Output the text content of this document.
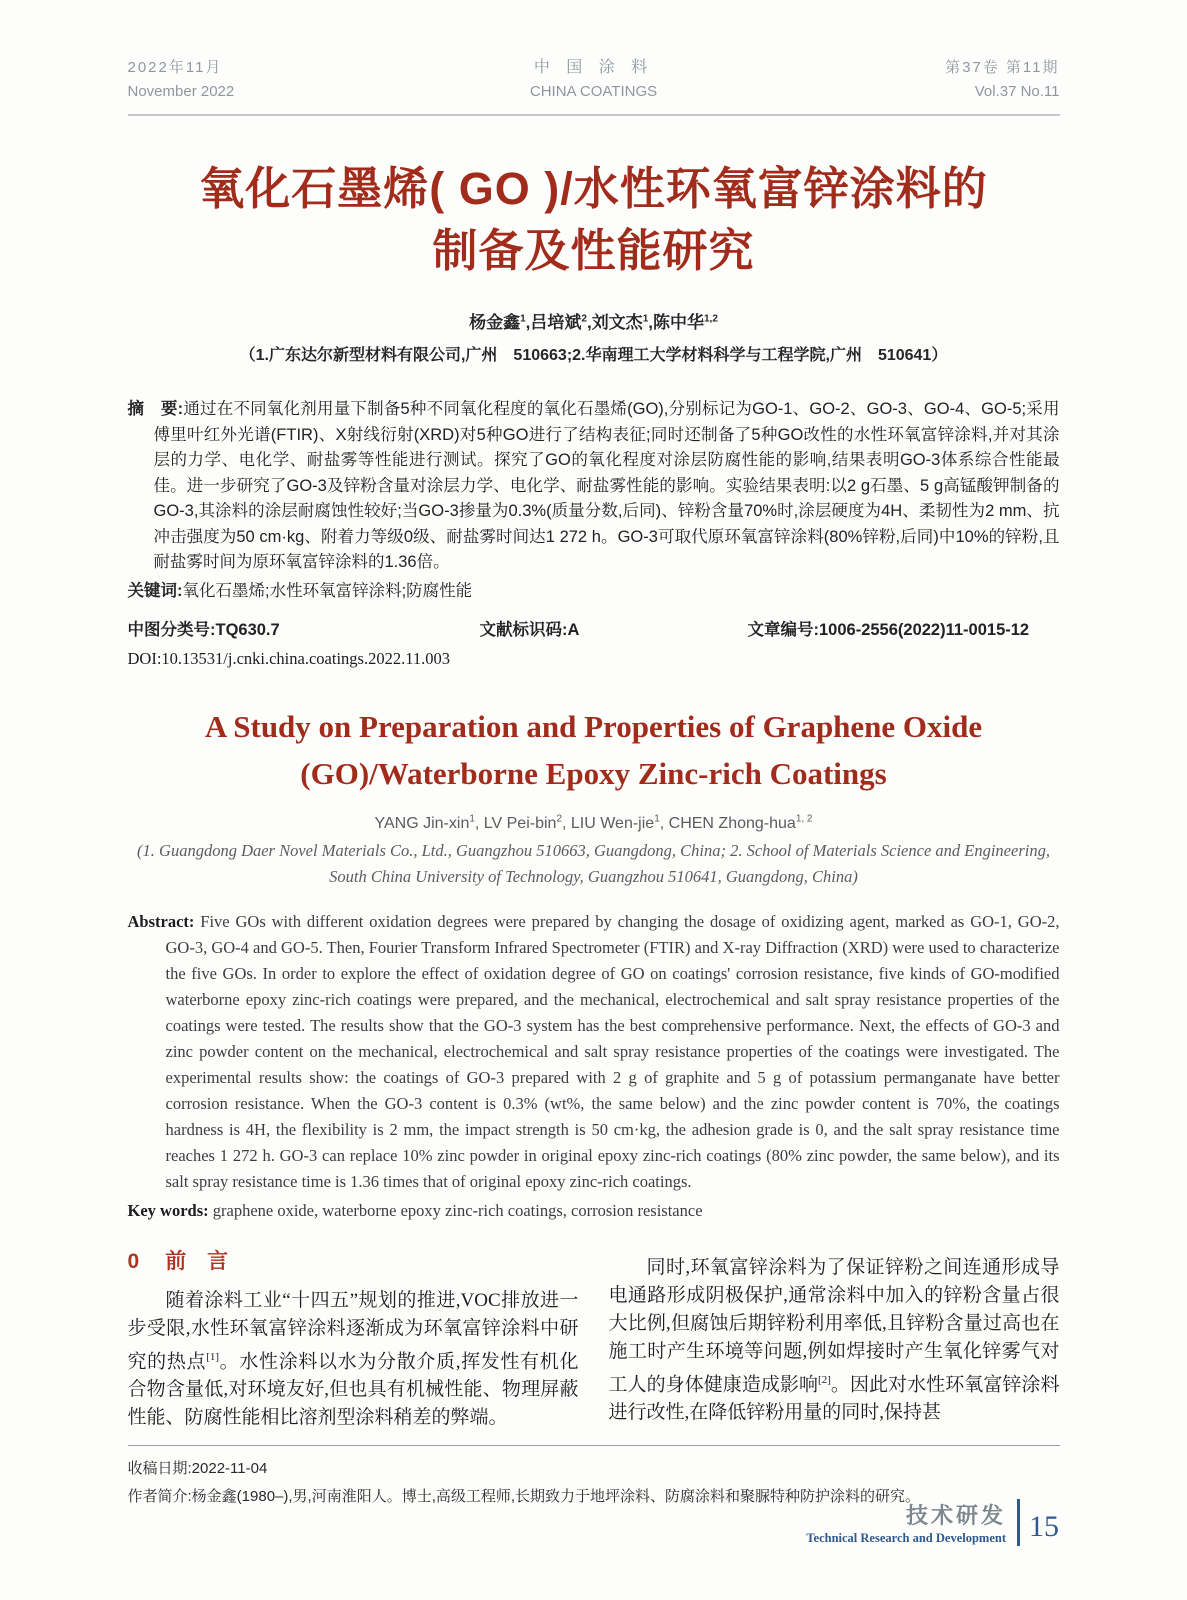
2022年11月
November 2022
中 国 涂 料
CHINA COATINGS
第37卷 第11期
Vol.37 No.11
氧化石墨烯( GO )/水性环氧富锌涂料的
制备及性能研究
杨金鑫$^1$,吕培斌$^2$,刘文杰$^1$,陈中华$^{1,2}$
（1.广东达尔新型材料有限公司,广州　510663;2.华南理工大学材料科学与工程学院,广州　510641）

摘　要:通过在不同氧化剂用量下制备5种不同氧化程度的氧化石墨烯(GO),分别标记为GO-1、GO-2、GO-3、GO-4、GO-5;采用傅里叶红外光谱(FTIR)、X射线衍射(XRD)对5种GO进行了结构表征;同时还制备了5种GO改性的水性环氧富锌涂料,并对其涂层的力学、电化学、耐盐雾等性能进行测试。探究了GO的氧化程度对涂层防腐性能的影响,结果表明GO-3体系综合性能最佳。进一步研究了GO-3及锌粉含量对涂层力学、电化学、耐盐雾性能的影响。实验结果表明:以2 g石墨、5 g高锰酸钾制备的GO-3,其涂料的涂层耐腐蚀性较好;当GO-3掺量为0.3%(质量分数,后同)、锌粉含量70%时,涂层硬度为4H、柔韧性为2 mm、抗冲击强度为50 cm·kg、附着力等级0级、耐盐雾时间达1 272 h。GO-3可取代原环氧富锌涂料(80%锌粉,后同)中10%的锌粉,且耐盐雾时间为原环氧富锌涂料的1.36倍。

关键词:氧化石墨烯;水性环氧富锌涂料;防腐性能

中图分类号:TQ630.7	文献标识码:A	文章编号:1006-2556(2022)11-0015-12
DOI:10.13531/j.cnki.china.coatings.2022.11.003
A Study on Preparation and Properties of Graphene Oxide
(GO)/Waterborne Epoxy Zinc-rich Coatings
YANG Jin-xin$^1$, LV Pei-bin$^2$, LIU Wen-jie$^1$, CHEN Zhong-hua$^{1, 2}$
(1. Guangdong Daer Novel Materials Co., Ltd., Guangzhou 510663, Guangdong, China; 2. School of Materials Science and Engineering, South China University of Technology, Guangzhou 510641, Guangdong, China)

Abstract: Five GOs with different oxidation degrees were prepared by changing the dosage of oxidizing agent, marked as GO-1, GO-2, GO-3, GO-4 and GO-5. Then, Fourier Transform Infrared Spectrometer (FTIR) and X-ray Diffraction (XRD) were used to characterize the five GOs. In order to explore the effect of oxidation degree of GO on coatings' corrosion resistance, five kinds of GO-modified waterborne epoxy zinc-rich coatings were prepared, and the mechanical, electrochemical and salt spray resistance properties of the coatings were tested. The results show that the GO-3 system has the best comprehensive performance. Next, the effects of GO-3 and zinc powder content on the mechanical, electrochemical and salt spray resistance properties of the coatings were investigated. The experimental results show: the coatings of GO-3 prepared with 2 g of graphite and 5 g of potassium permanganate have better corrosion resistance. When the GO-3 content is 0.3% (wt%, the same below) and the zinc powder content is 70%, the coatings hardness is 4H, the flexibility is 2 mm, the impact strength is 50 cm·kg, the adhesion grade is 0, and the salt spray resistance time reaches 1 272 h. GO-3 can replace 10% zinc powder in original epoxy zinc-rich coatings (80% zinc powder, the same below), and its salt spray resistance time is 1.36 times that of original epoxy zinc-rich coatings.

Key words: graphene oxide, waterborne epoxy zinc-rich coatings, corrosion resistance

0 前　言

随着涂料工业“十四五”规划的推进,VOC排放进一步受限,水性环氧富锌涂料逐渐成为环氧富锌涂料中研究的热点[1]。水性涂料以水为分散介质,挥发性有机化合物含量低,对环境友好,但也具有机械性能、物理屏蔽性能、防腐性能相比溶剂型涂料稍差的弊端。

同时,环氧富锌涂料为了保证锌粉之间连通形成导电通路形成阴极保护,通常涂料中加入的锌粉含量占很大比例,但腐蚀后期锌粉利用率低,且锌粉含量过高也在施工时产生环境等问题,例如焊接时产生氧化锌雾气对工人的身体健康造成影响[2]。因此对水性环氧富锌涂料进行改性,在降低锌粉用量的同时,保持甚

收稿日期:2022-11-04
作者简介:杨金鑫(1980–),男,河南淮阳人。博士,高级工程师,长期致力于地坪涂料、防腐涂料和聚脲特种防护涂料的研究。
技术研发
Technical Research and Development 15
